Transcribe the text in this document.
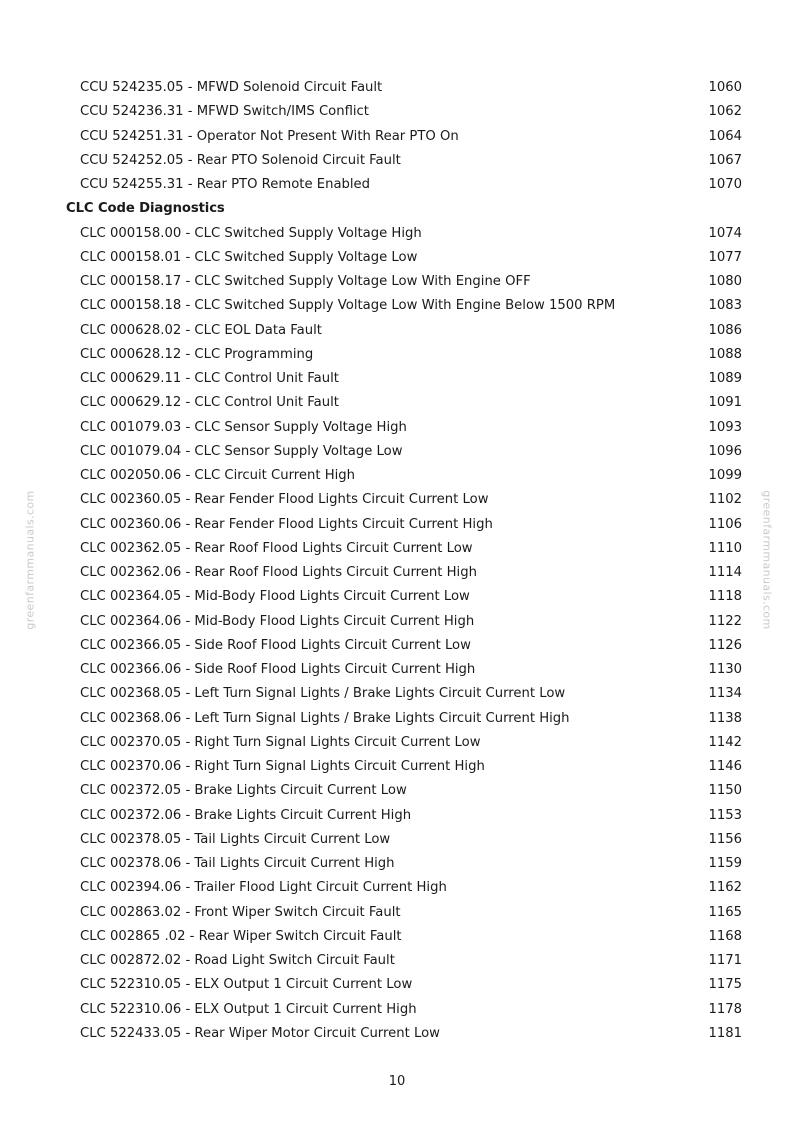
CCU 524235.05 - MFWD Solenoid Circuit Fault	1060
CCU 524236.31 - MFWD Switch/IMS Conflict	1062
CCU 524251.31 - Operator Not Present With Rear PTO On	1064
CCU 524252.05 - Rear PTO Solenoid Circuit Fault	1067
CCU 524255.31 - Rear PTO Remote Enabled	1070
CLC Code Diagnostics
CLC 000158.00 - CLC Switched Supply Voltage High	1074
CLC 000158.01 - CLC Switched Supply Voltage Low	1077
CLC 000158.17 - CLC Switched Supply Voltage Low With Engine OFF	1080
CLC 000158.18 - CLC Switched Supply Voltage Low With Engine Below 1500 RPM	1083
CLC 000628.02 - CLC EOL Data Fault	1086
CLC 000628.12 - CLC Programming	1088
CLC 000629.11 - CLC Control Unit Fault	1089
CLC 000629.12 - CLC Control Unit Fault	1091
CLC 001079.03 - CLC Sensor Supply Voltage High	1093
CLC 001079.04 - CLC Sensor Supply Voltage Low	1096
CLC 002050.06 - CLC Circuit Current High	1099
CLC 002360.05 - Rear Fender Flood Lights Circuit Current Low	1102
CLC 002360.06 - Rear Fender Flood Lights Circuit Current High	1106
CLC 002362.05 - Rear Roof Flood Lights Circuit Current Low	1110
CLC 002362.06 - Rear Roof Flood Lights Circuit Current High	1114
CLC 002364.05 - Mid-Body Flood Lights Circuit Current Low	1118
CLC 002364.06 - Mid-Body Flood Lights Circuit Current High	1122
CLC 002366.05 - Side Roof Flood Lights Circuit Current Low	1126
CLC 002366.06 - Side Roof Flood Lights Circuit Current High	1130
CLC 002368.05 - Left Turn Signal Lights / Brake Lights Circuit Current Low	1134
CLC 002368.06 - Left Turn Signal Lights / Brake Lights Circuit Current High	1138
CLC 002370.05 - Right Turn Signal Lights Circuit Current Low	1142
CLC 002370.06 - Right Turn Signal Lights Circuit Current High	1146
CLC 002372.05 - Brake Lights Circuit Current Low	1150
CLC 002372.06 - Brake Lights Circuit Current High	1153
CLC 002378.05 - Tail Lights Circuit Current Low	1156
CLC 002378.06 - Tail Lights Circuit Current High	1159
CLC 002394.06 - Trailer Flood Light Circuit Current High	1162
CLC 002863.02 - Front Wiper Switch Circuit Fault	1165
CLC 002865 .02 - Rear Wiper Switch Circuit Fault	1168
CLC 002872.02 - Road Light Switch Circuit Fault	1171
CLC 522310.05 - ELX Output 1 Circuit Current Low	1175
CLC 522310.06 - ELX Output 1 Circuit Current High	1178
CLC 522433.05 - Rear Wiper Motor Circuit Current Low	1181
greenfarmmanuals.com	greenfarmmanuals.com
10
